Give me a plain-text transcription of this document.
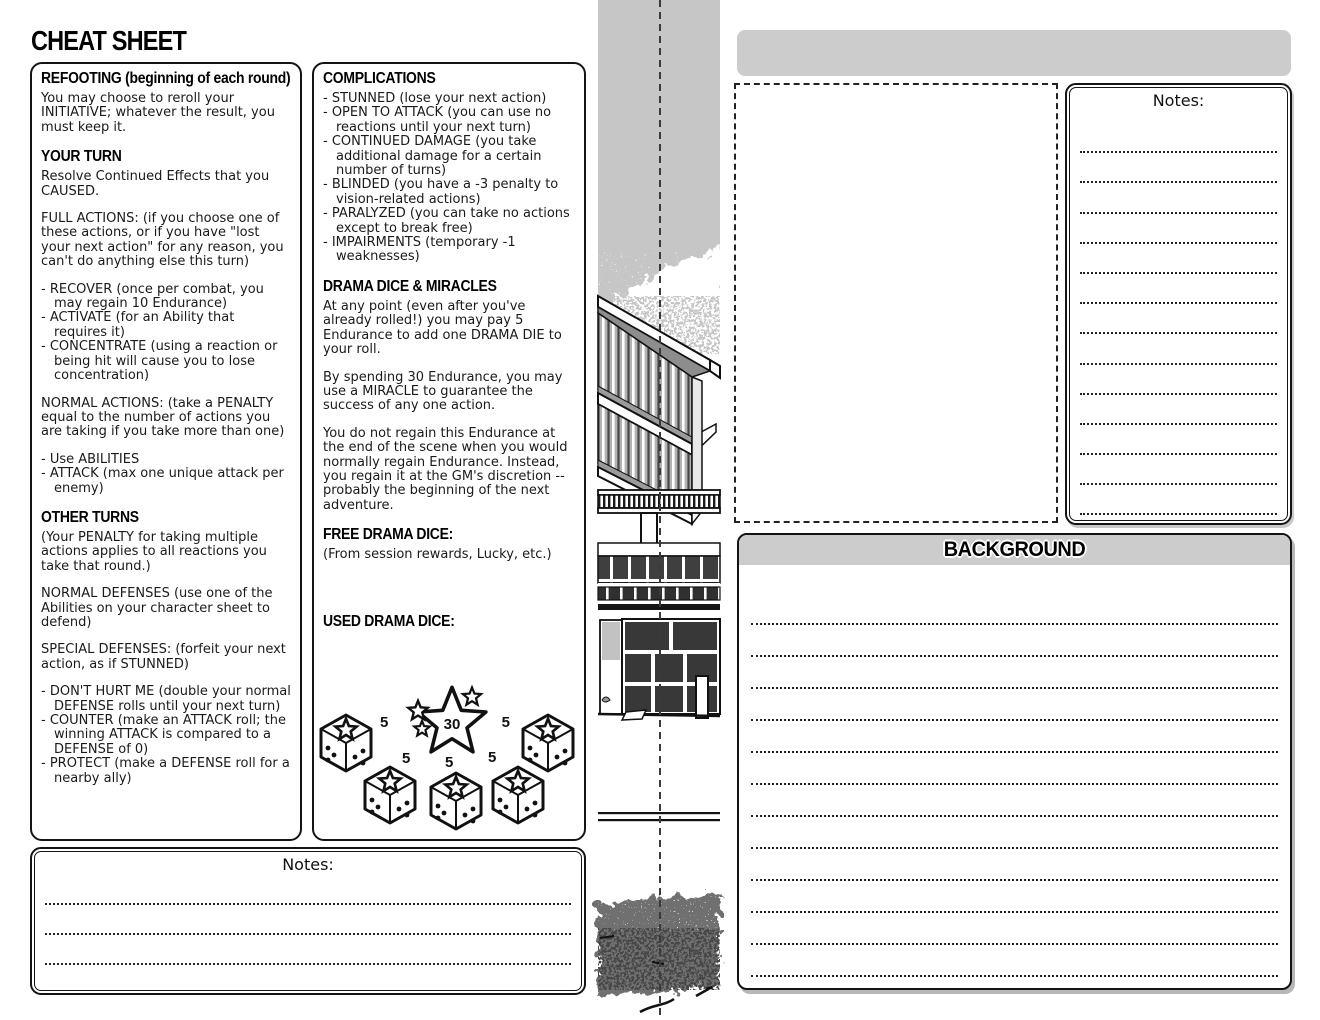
CHEAT SHEET
REFOOTING (beginning of each round)
You may choose to reroll your INITIATIVE; whatever the result, you must keep it.
YOUR TURN
Resolve Continued Effects that you CAUSED.
FULL ACTIONS: (if you choose one of these actions, or if you have "lost your next action" for any reason, you can't do anything else this turn)
- RECOVER (once per combat, you may regain 10 Endurance)
- ACTIVATE (for an Ability that requires it)
- CONCENTRATE (using a reaction or being hit will cause you to lose concentration)
NORMAL ACTIONS: (take a PENALTY equal to the number of actions you are taking if you take more than one)
- Use ABILITIES
- ATTACK (max one unique attack per enemy)
OTHER TURNS
(Your PENALTY for taking multiple actions applies to all reactions you take that round.)
NORMAL DEFENSES (use one of the Abilities on your character sheet to defend)
SPECIAL DEFENSES: (forfeit your next action, as if STUNNED)
- DON'T HURT ME (double your normal DEFENSE rolls until your next turn)
- COUNTER (make an ATTACK roll; the winning ATTACK is compared to a DEFENSE of 0)
- PROTECT (make a DEFENSE roll for a nearby ally)
COMPLICATIONS
- STUNNED (lose your next action)
- OPEN TO ATTACK (you can use no reactions until your next turn)
- CONTINUED DAMAGE (you take additional damage for a certain number of turns)
- BLINDED (you have a -3 penalty to vision-related actions)
- PARALYZED (you can take no actions except to break free)
- IMPAIRMENTS (temporary -1 weaknesses)
DRAMA DICE & MIRACLES
At any point (even after you've already rolled!) you may pay 5 Endurance to add one DRAMA DIE to your roll.
By spending 30 Endurance, you may use a MIRACLE to guarantee the success of any one action.
You do not regain this Endurance at the end of the scene when you would normally regain Endurance. Instead, you regain it at the GM's discretion -- probably the beginning of the next adventure.
FREE DRAMA DICE:
(From session rewards, Lucky, etc.)
USED DRAMA DICE:
30
5
5 5 5
5
Notes:
Notes:
BACKGROUND
